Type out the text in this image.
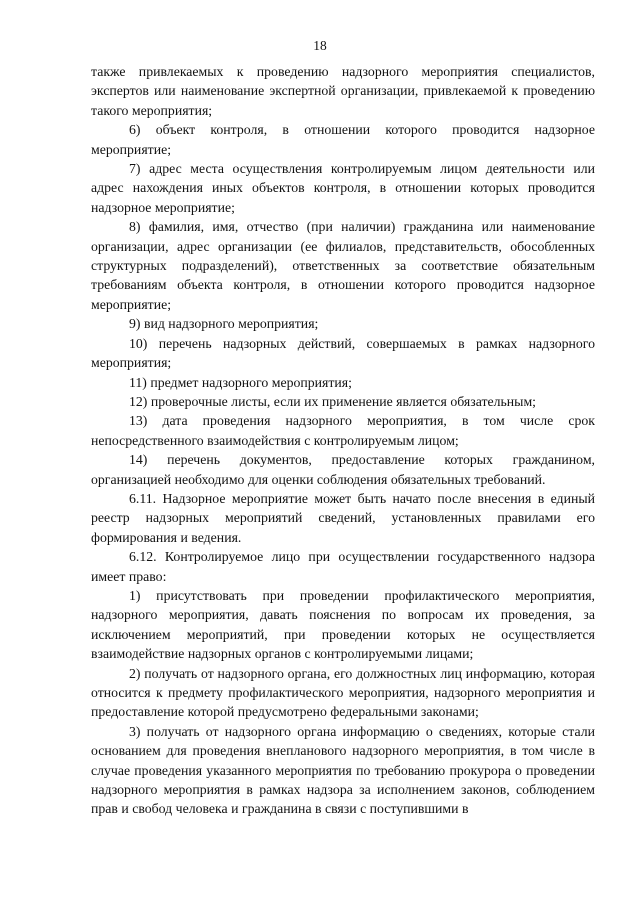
18

также привлекаемых к проведению надзорного мероприятия специалистов, экспертов или наименование экспертной организации, привлекаемой к проведению такого мероприятия;

6) объект контроля, в отношении которого проводится надзорное мероприятие;

7) адрес места осуществления контролируемым лицом деятельности или адрес нахождения иных объектов контроля, в отношении которых проводится надзорное мероприятие;

8) фамилия, имя, отчество (при наличии) гражданина или наименование организации, адрес организации (ее филиалов, представительств, обособленных структурных подразделений), ответственных за соответствие обязательным требованиям объекта контроля, в отношении которого проводится надзорное мероприятие;

9) вид надзорного мероприятия;

10) перечень надзорных действий, совершаемых в рамках надзорного мероприятия;

11) предмет надзорного мероприятия;

12) проверочные листы, если их применение является обязательным;

13) дата проведения надзорного мероприятия, в том числе срок непосредственного взаимодействия с контролируемым лицом;

14) перечень документов, предоставление которых гражданином, организацией необходимо для оценки соблюдения обязательных требований.

6.11. Надзорное мероприятие может быть начато после внесения в единый реестр надзорных мероприятий сведений, установленных правилами его формирования и ведения.

6.12. Контролируемое лицо при осуществлении государственного надзора имеет право:

1) присутствовать при проведении профилактического мероприятия, надзорного мероприятия, давать пояснения по вопросам их проведения, за исключением мероприятий, при проведении которых не осуществляется взаимодействие надзорных органов с контролируемыми лицами;

2) получать от надзорного органа, его должностных лиц информацию, которая относится к предмету профилактического мероприятия, надзорного мероприятия и предоставление которой предусмотрено федеральными законами;

3) получать от надзорного органа информацию о сведениях, которые стали основанием для проведения внепланового надзорного мероприятия, в том числе в случае проведения указанного мероприятия по требованию прокурора о проведении надзорного мероприятия в рамках надзора за исполнением законов, соблюдением прав и свобод человека и гражданина в связи с поступившими в
